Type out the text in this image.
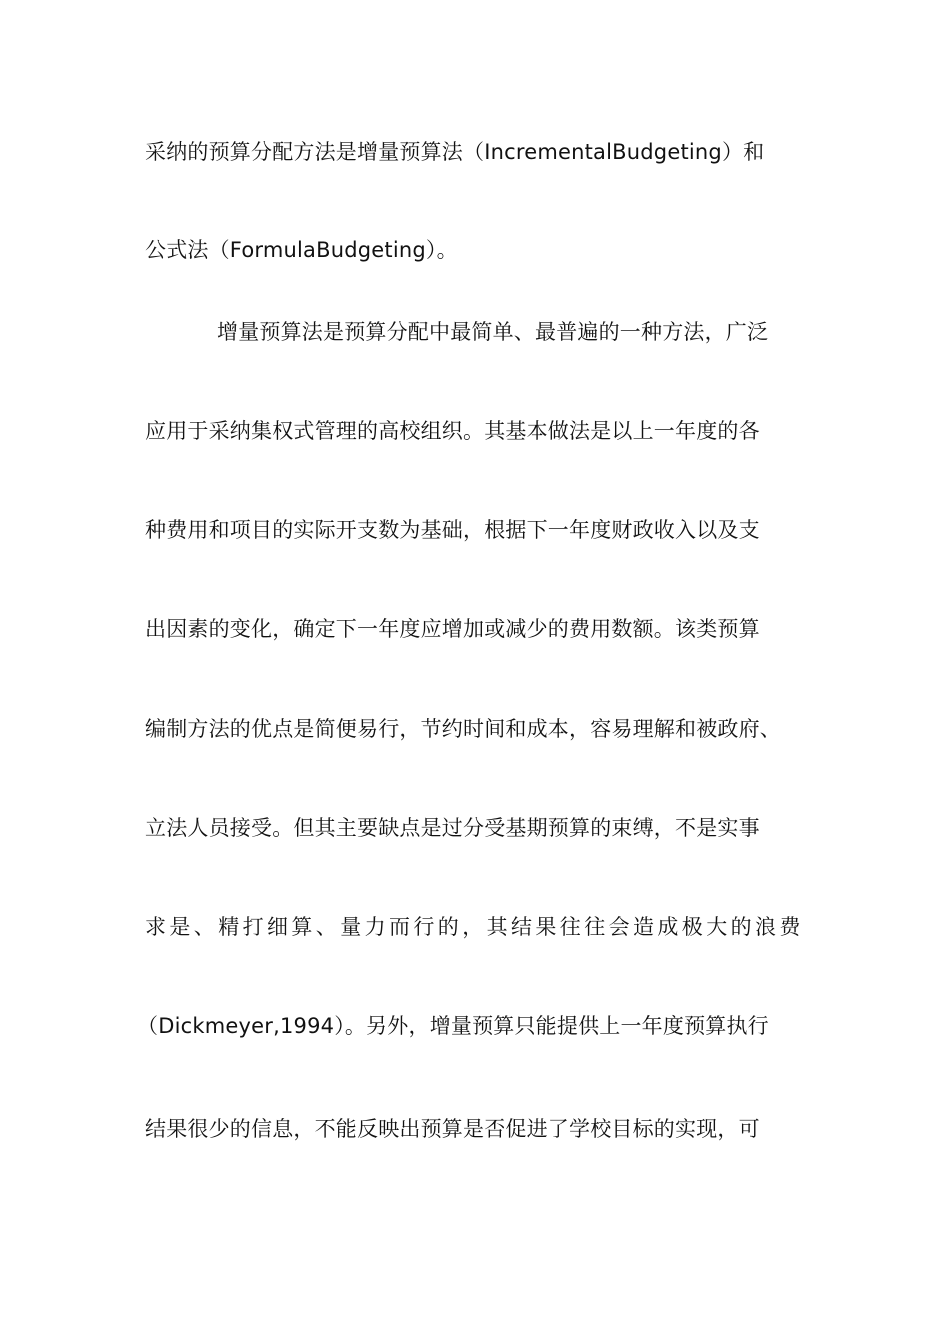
采纳的预算分配方法是增量预算法（IncrementalBudgeting）和
公式法（FormulaBudgeting）。
增量预算法是预算分配中最简单、最普遍的一种方法，广泛
应用于采纳集权式管理的高校组织。其基本做法是以上一年度的各
种费用和项目的实际开支数为基础，根据下一年度财政收入以及支
出因素的变化，确定下一年度应增加或减少的费用数额。该类预算
编制方法的优点是简便易行，节约时间和成本，容易理解和被政府、
立法人员接受。但其主要缺点是过分受基期预算的束缚，不是实事
求是、精打细算、量力而行的，其结果往往会造成极大的浪费
（Dickmeyer,1994）。另外，增量预算只能提供上一年度预算执行
结果很少的信息，不能反映出预算是否促进了学校目标的实现，可
